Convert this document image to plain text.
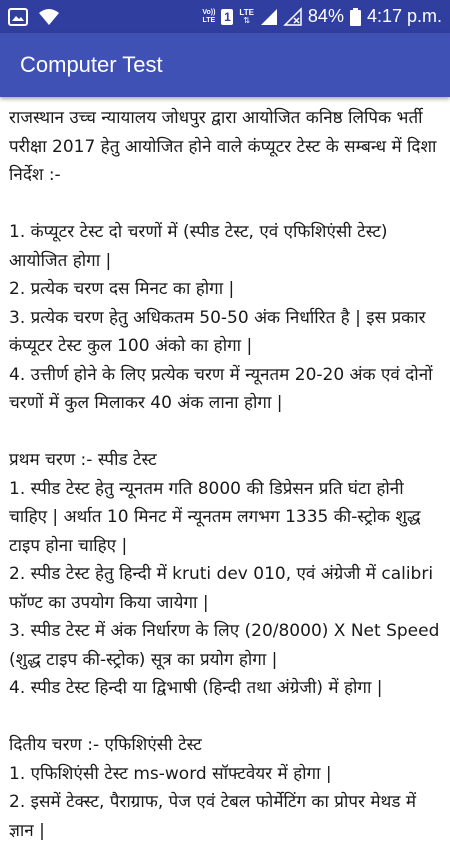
Vo))
LTE 1	LTE
⇅	84% 4:17 p.m.
Computer Test

राजस्थान उच्च न्यायालय जोधपुर द्वारा आयोजित कनिष्ठ लिपिक भर्ती परीक्षा 2017 हेतु आयोजित होने वाले कंप्यूटर टेस्ट के सम्बन्ध में दिशा निर्देश :-

1. कंप्यूटर टेस्ट दो चरणों में (स्पीड टेस्ट, एवं एफिशिएंसी टेस्ट) आयोजित होगा |

2. प्रत्येक चरण दस मिनट का होगा |

3. प्रत्येक चरण हेतु अधिकतम 50-50 अंक निर्धारित है | इस प्रकार कंप्यूटर टेस्ट कुल 100 अंको का होगा |

4. उत्तीर्ण होने के लिए प्रत्येक चरण में न्यूनतम 20-20 अंक एवं दोनों चरणों में कुल मिलाकर 40 अंक लाना होगा |

प्रथम चरण :- स्पीड टेस्ट

1. स्पीड टेस्ट हेतु न्यूनतम गति 8000 की डिप्रेसन प्रति घंटा होनी चाहिए | अर्थात 10 मिनट में न्यूनतम लगभग 1335 की-स्ट्रोक शुद्ध टाइप होना चाहिए |

2. स्पीड टेस्ट हेतु हिन्दी में kruti dev 010, एवं अंग्रेजी में calibri फॉण्ट का उपयोग किया जायेगा |

3. स्पीड टेस्ट में अंक निर्धारण के लिए (20/8000) X Net Speed (शुद्ध टाइप की-स्ट्रोक) सूत्र का प्रयोग होगा |

4. स्पीड टेस्ट हिन्दी या द्विभाषी (हिन्दी तथा अंग्रेजी) में होगा |

दितीय चरण :- एफिशिएंसी टेस्ट

1. एफिशिएंसी टेस्ट ms-word सॉफ्टवेयर में होगा |

2. इसमें टेक्स्ट, पैराग्राफ, पेज एवं टेबल फोर्मेटिंग का प्रोपर मेथड में ज्ञान |
